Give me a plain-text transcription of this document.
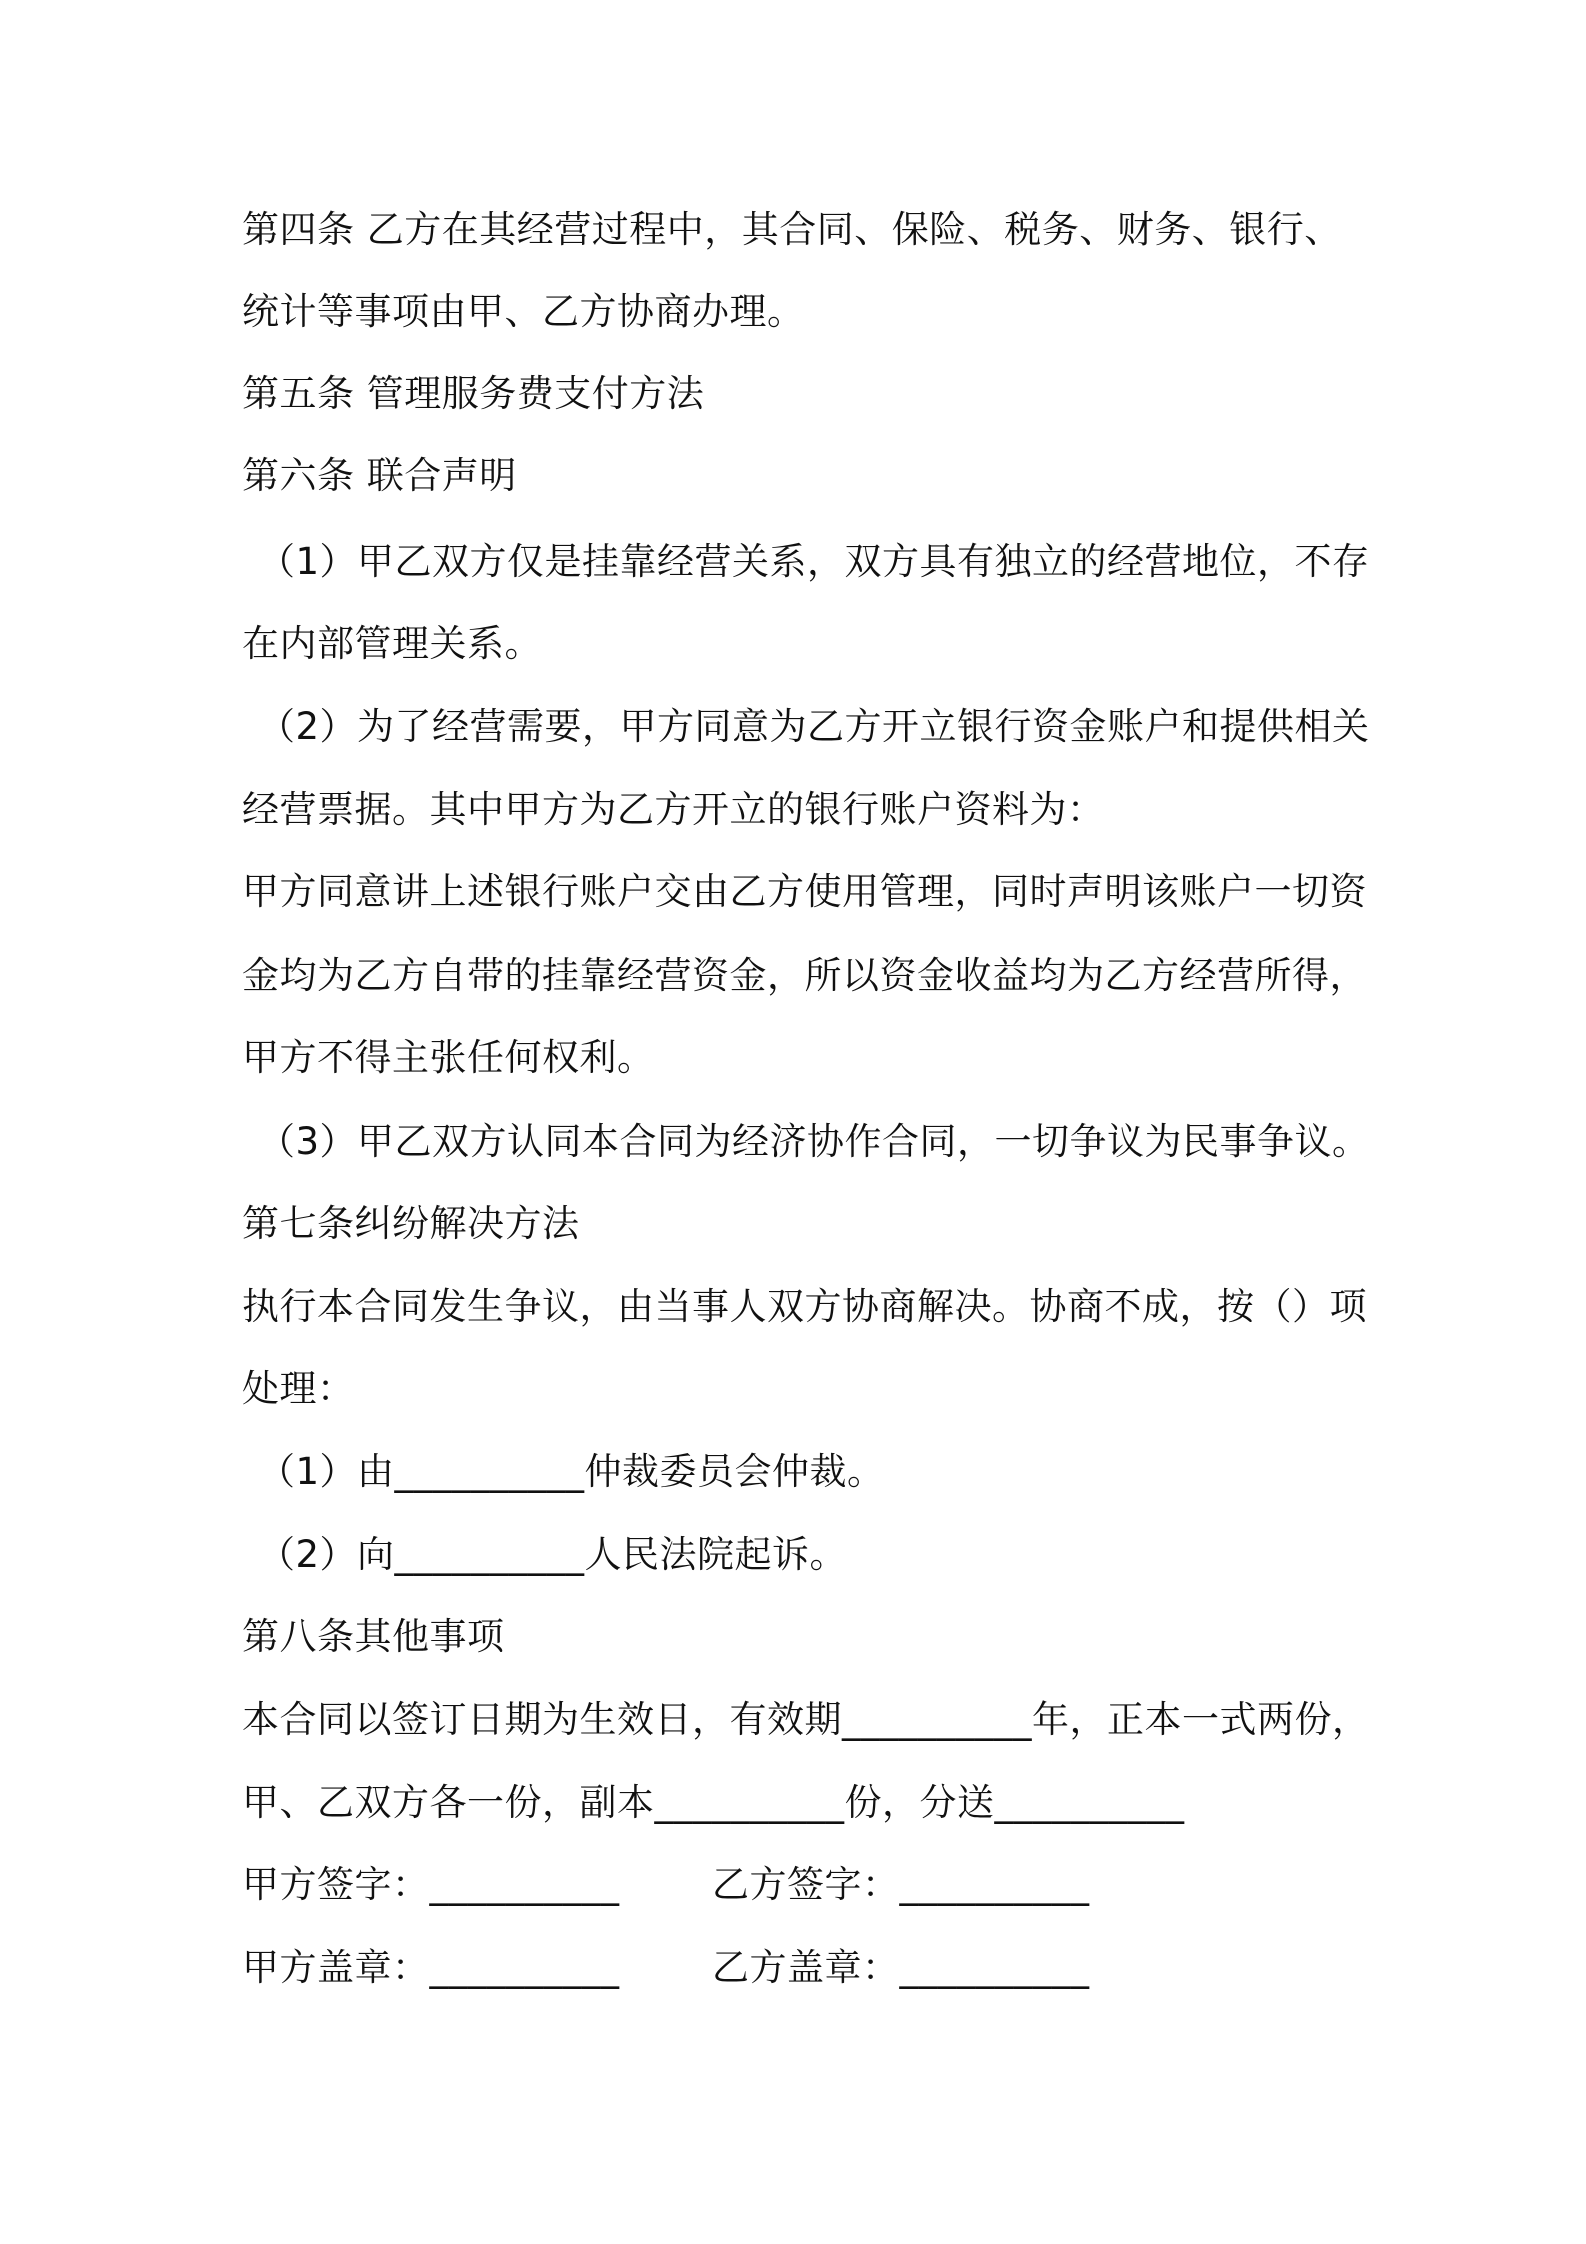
第四条 乙方在其经营过程中，其合同、保险、税务、财务、银行、
统计等事项由甲、乙方协商办理。
第五条 管理服务费支付方法
第六条 联合声明
（1）甲乙双方仅是挂靠经营关系，双方具有独立的经营地位，不存
在内部管理关系。
（2）为了经营需要，甲方同意为乙方开立银行资金账户和提供相关
经营票据。其中甲方为乙方开立的银行账户资料为：
甲方同意讲上述银行账户交由乙方使用管理，同时声明该账户一切资
金均为乙方自带的挂靠经营资金，所以资金收益均为乙方经营所得，
甲方不得主张任何权利。
（3）甲乙双方认同本合同为经济协作合同，一切争议为民事争议。
第七条纠纷解决方法
执行本合同发生争议，由当事人双方协商解决。协商不成，按（）项
处理：
（1）由__________仲裁委员会仲裁。
（2）向__________人民法院起诉。
第八条其他事项
本合同以签订日期为生效日，有效期__________年，正本一式两份，
甲、乙双方各一份，副本__________份，分送__________
甲方签字：__________	乙方签字：__________
甲方盖章：__________	乙方盖章：__________
